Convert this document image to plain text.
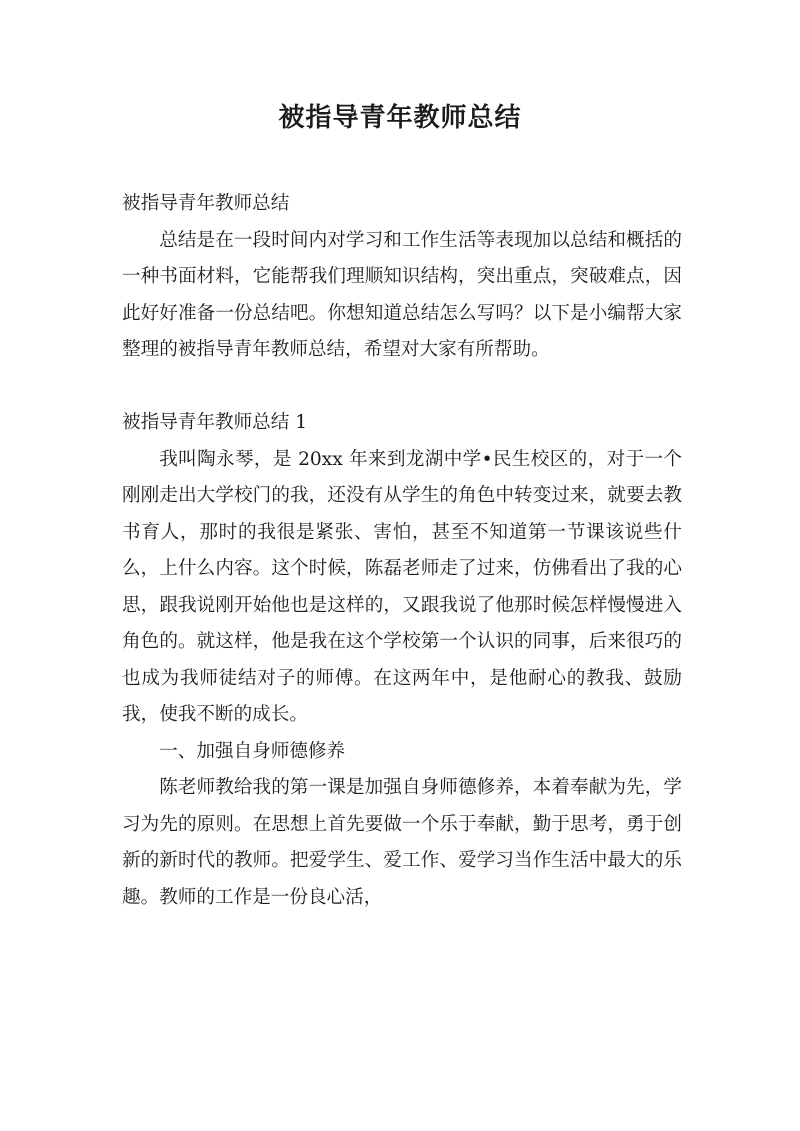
被指导青年教师总结

被指导青年教师总结

总结是在一段时间内对学习和工作生活等表现加以总结和概括的一种书面材料，它能帮我们理顺知识结构，突出重点，突破难点，因此好好准备一份总结吧。你想知道总结怎么写吗？以下是小编帮大家整理的被指导青年教师总结，希望对大家有所帮助。

被指导青年教师总结 1

我叫陶永琴，是 20xx 年来到龙湖中学•民生校区的，对于一个刚刚走出大学校门的我，还没有从学生的角色中转变过来，就要去教书育人，那时的我很是紧张、害怕，甚至不知道第一节课该说些什么，上什么内容。这个时候，陈磊老师走了过来，仿佛看出了我的心思，跟我说刚开始他也是这样的，又跟我说了他那时候怎样慢慢进入角色的。就这样，他是我在这个学校第一个认识的同事，后来很巧的也成为我师徒结对子的师傅。在这两年中，是他耐心的教我、鼓励我，使我不断的成长。

一、加强自身师德修养

陈老师教给我的第一课是加强自身师德修养，本着奉献为先，学习为先的原则。在思想上首先要做一个乐于奉献，勤于思考，勇于创新的新时代的教师。把爱学生、爱工作、爱学习当作生活中最大的乐趣。教师的工作是一份良心活，
